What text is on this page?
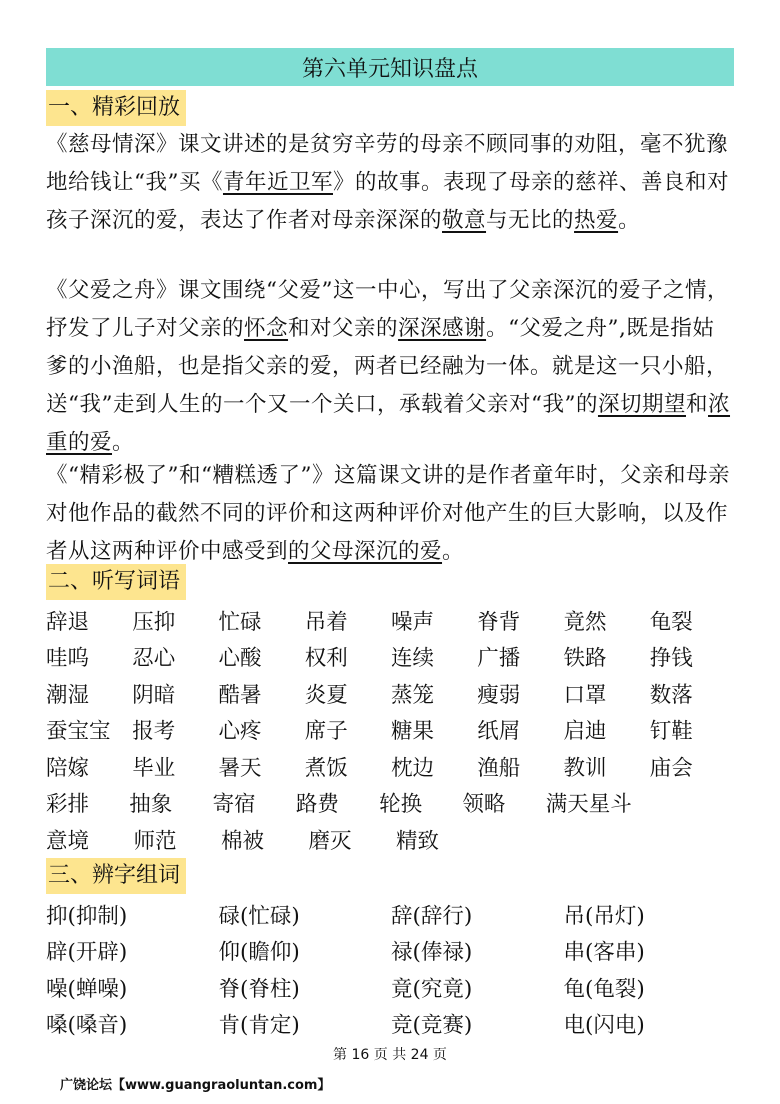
第六单元知识盘点
一、精彩回放

《慈母情深》课文讲述的是贫穷辛劳的母亲不顾同事的劝阻，毫不犹豫地给钱让“我”买《青年近卫军》的故事。表现了母亲的慈祥、善良和对孩子深沉的爱，表达了作者对母亲深深的敬意与无比的热爱。

《父爱之舟》课文围绕“父爱”这一中心，写出了父亲深沉的爱子之情，抒发了儿子对父亲的怀念和对父亲的深深感谢。“父爱之舟”,既是指姑爹的小渔船，也是指父亲的爱，两者已经融为一体。就是这一只小船，送“我”走到人生的一个又一个关口，承载着父亲对“我”的深切期望和浓重的爱。

《“精彩极了”和“糟糕透了”》这篇课文讲的是作者童年时，父亲和母亲对他作品的截然不同的评价和这两种评价对他产生的巨大影响，以及作者从这两种评价中感受到的父母深沉的爱。

二、听写词语
辞退	压抑	忙碌	吊着	噪声	脊背	竟然	龟裂
哇呜	忍心	心酸	权利	连续	广播	铁路	挣钱
潮湿	阴暗	酷暑	炎夏	蒸笼	瘦弱	口罩	数落
蚕宝宝	报考	心疼	席子	糖果	纸屑	启迪	钉鞋
陪嫁	毕业	暑天	煮饭	枕边	渔船	教训	庙会
彩排	抽象	寄宿	路费	轮换	领略	满天星斗
意境	师范	棉被	磨灭	精致
三、辨字组词
抑(抑制)	碌(忙碌)	辞(辞行)	吊(吊灯)
辟(开辟)	仰(瞻仰)	禄(俸禄)	串(客串)
噪(蝉噪)	脊(脊柱)	竟(究竟)	龟(龟裂)
嗓(嗓音)	肯(肯定)	竞(竞赛)	电(闪电)
第 16 页 共 24 页
广饶论坛【www.guangraoluntan.com】
